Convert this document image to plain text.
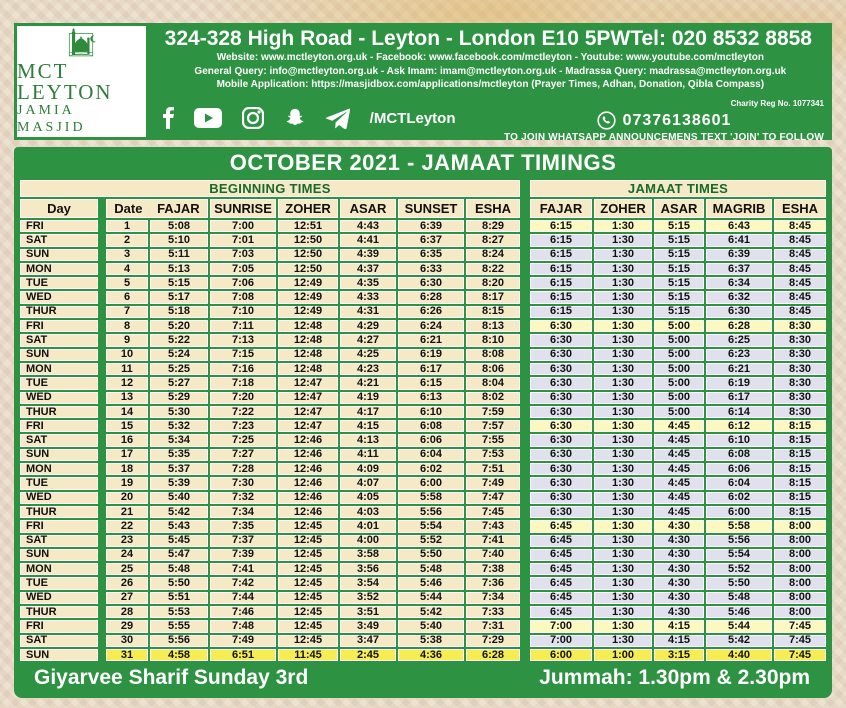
MCT LEYTON
JAMIA MASJID
324-328 High Road - Leyton - London E10 5PW Tel: 020 8532 8858
Website: www.mctleyton.org.uk - Facebook: www.facebook.com/mctleyton - Youtube: www.youtube.com/mctleyton
General Query: info@mctleyton.org.uk - Ask Imam: imam@mctleyton.org.uk - Madrassa Query: madrassa@mctleyton.org.uk
Mobile Application: https://masjidbox.com/applications/mctleyton (Prayer Times, Adhan, Donation, Qibla Compass)
Charity Reg No. 1077341
/MCTLeyton	07376138601
TO JOIN WHATSAPP ANNOUNCEMENS TEXT 'JOIN' TO FOLLOW
OCTOBER 2021 - JAMAAT TIMINGS
BEGINNING TIMES	JAMAAT TIMES
Day	Date FAJAR	SUNRISE	ZOHER	ASAR	SUNSET	ESHA	FAJAR	ZOHER	ASAR	MAGRIB	ESHA
FRI	1	5:08	7:00	12:51	4:43	6:39	8:29	6:15	1:30	5:15	6:43	8:45
SAT	2	5:10	7:01	12:50	4:41	6:37	8:27	6:15	1:30	5:15	6:41	8:45
SUN	3	5:11	7:03	12:50	4:39	6:35	8:24	6:15	1:30	5:15	6:39	8:45
MON	4	5:13	7:05	12:50	4:37	6:33	8:22	6:15	1:30	5:15	6:37	8:45
TUE	5	5:15	7:06	12:49	4:35	6:30	8:20	6:15	1:30	5:15	6:34	8:45
WED	6	5:17	7:08	12:49	4:33	6:28	8:17	6:15	1:30	5:15	6:32	8:45
THUR	7	5:18	7:10	12:49	4:31	6:26	8:15	6:15	1:30	5:15	6:30	8:45
FRI	8	5:20	7:11	12:48	4:29	6:24	8:13	6:30	1:30	5:00	6:28	8:30
SAT	9	5:22	7:13	12:48	4:27	6:21	8:10	6:30	1:30	5:00	6:25	8:30
SUN	10	5:24	7:15	12:48	4:25	6:19	8:08	6:30	1:30	5:00	6:23	8:30
MON	11	5:25	7:16	12:48	4:23	6:17	8:06	6:30	1:30	5:00	6:21	8:30
TUE	12	5:27	7:18	12:47	4:21	6:15	8:04	6:30	1:30	5:00	6:19	8:30
WED	13	5:29	7:20	12:47	4:19	6:13	8:02	6:30	1:30	5:00	6:17	8:30
THUR	14	5:30	7:22	12:47	4:17	6:10	7:59	6:30	1:30	5:00	6:14	8:30
FRI	15	5:32	7:23	12:47	4:15	6:08	7:57	6:30	1:30	4:45	6:12	8:15
SAT	16	5:34	7:25	12:46	4:13	6:06	7:55	6:30	1:30	4:45	6:10	8:15
SUN	17	5:35	7:27	12:46	4:11	6:04	7:53	6:30	1:30	4:45	6:08	8:15
MON	18	5:37	7:28	12:46	4:09	6:02	7:51	6:30	1:30	4:45	6:06	8:15
TUE	19	5:39	7:30	12:46	4:07	6:00	7:49	6:30	1:30	4:45	6:04	8:15
WED	20	5:40	7:32	12:46	4:05	5:58	7:47	6:30	1:30	4:45	6:02	8:15
THUR	21	5:42	7:34	12:46	4:03	5:56	7:45	6:30	1:30	4:45	6:00	8:15
FRI	22	5:43	7:35	12:45	4:01	5:54	7:43	6:45	1:30	4:30	5:58	8:00
SAT	23	5:45	7:37	12:45	4:00	5:52	7:41	6:45	1:30	4:30	5:56	8:00
SUN	24	5:47	7:39	12:45	3:58	5:50	7:40	6:45	1:30	4:30	5:54	8:00
MON	25	5:48	7:41	12:45	3:56	5:48	7:38	6:45	1:30	4:30	5:52	8:00
TUE	26	5:50	7:42	12:45	3:54	5:46	7:36	6:45	1:30	4:30	5:50	8:00
WED	27	5:51	7:44	12:45	3:52	5:44	7:34	6:45	1:30	4:30	5:48	8:00
THUR	28	5:53	7:46	12:45	3:51	5:42	7:33	6:45	1:30	4:30	5:46	8:00
FRI	29	5:55	7:48	12:45	3:49	5:40	7:31	7:00	1:30	4:15	5:44	7:45
SAT	30	5:56	7:49	12:45	3:47	5:38	7:29	7:00	1:30	4:15	5:42	7:45
SUN	31	4:58	6:51	11:45	2:45	4:36	6:28	6:00	1:00	3:15	4:40	7:45
Giyarvee Sharif Sunday 3rd	Jummah: 1.30pm & 2.30pm
